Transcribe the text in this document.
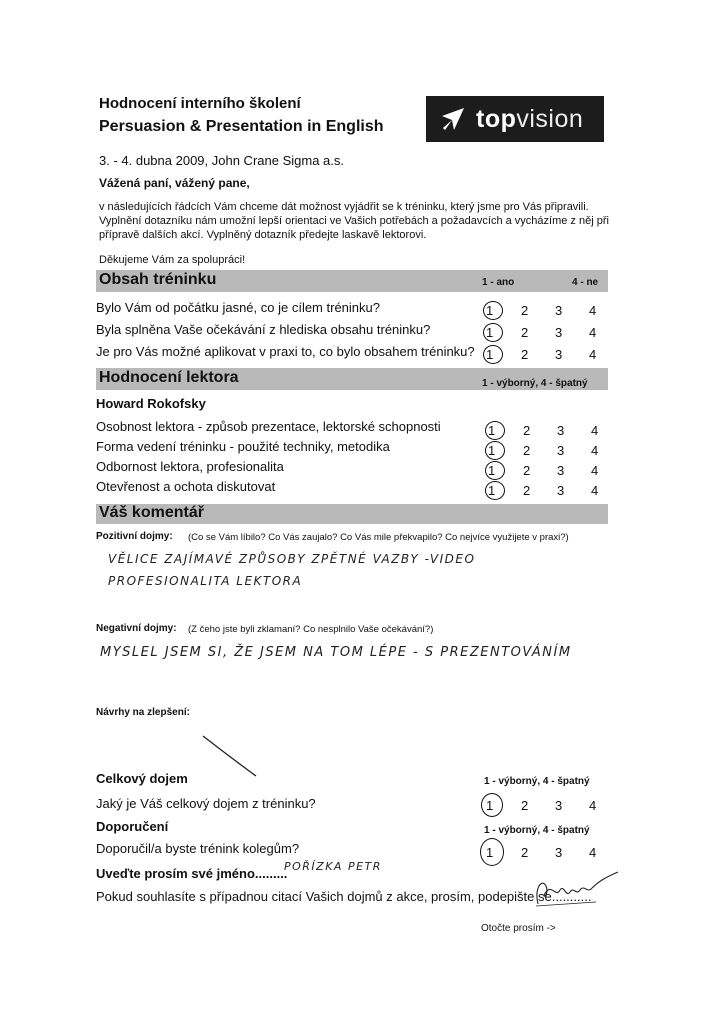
Hodnocení interního školení
Persuasion & Presentation in English
3. - 4. dubna 2009, John Crane Sigma a.s.
topvision
Vážená paní, vážený pane,
v následujících řádcích Vám chceme dát možnost vyjádřit se k tréninku, který jsme pro Vás připravili.
Vyplnění dotazníku nám umožní lepší orientaci ve Vašich potřebách a požadavcích a vycházíme z něj při
přípravě dalších akcí. Vyplněný dotazník předejte laskavě lektorovi.
Děkujeme Vám za spolupráci!
Obsah tréninku	1 - ano	4 - ne
Bylo Vám od počátku jasné, co je cílem tréninku?	1 2 3 4
Byla splněna Vaše očekávání z hlediska obsahu tréninku?	1 2 3 4
Je pro Vás možné aplikovat v praxi to, co bylo obsahem tréninku? 1 2 3 4
Hodnocení lektora	1 - výborný, 4 - špatný
Howard Rokofsky
Osobnost lektora - způsob prezentace, lektorské schopnosti	1 2 3 4
Forma vedení tréninku - použité techniky, metodika	1 2 3 4
Odbornost lektora, profesionalita	1 2 3 4
Otevřenost a ochota diskutovat	1 2 3 4
Váš komentář
Pozitivní dojmy: (Co se Vám líbilo? Co Vás zaujalo? Co Vás mile překvapilo? Co nejvíce využijete v praxi?)
VĚLICE ZAJÍMAVÉ ZPŮSOBY ZPĚTNÉ VAZBY -VIDEO
PROFESIONALITA LEKTORA
Negativní dojmy: (Z čeho jste byli zklamaní? Co nesplnilo Vaše očekávání?)
MYSLEL JSEM SI, ŽE JSEM NA TOM LÉPE - S PREZENTOVÁNÍM
Návrhy na zlepšení:
Celkový dojem	1 - výborný, 4 - špatný
Jaký je Váš celkový dojem z tréninku?	1 2 3 4
Doporučení	1 - výborný, 4 - špatný
Doporučil/a byste trénink kolegům?	1 2 3 4
Uveďte prosím své jméno.........
POŘÍZKA PETR
Pokud souhlasíte s případnou citací Vašich dojmů z akce, prosím, podepište se...........
Otočte prosím ->
